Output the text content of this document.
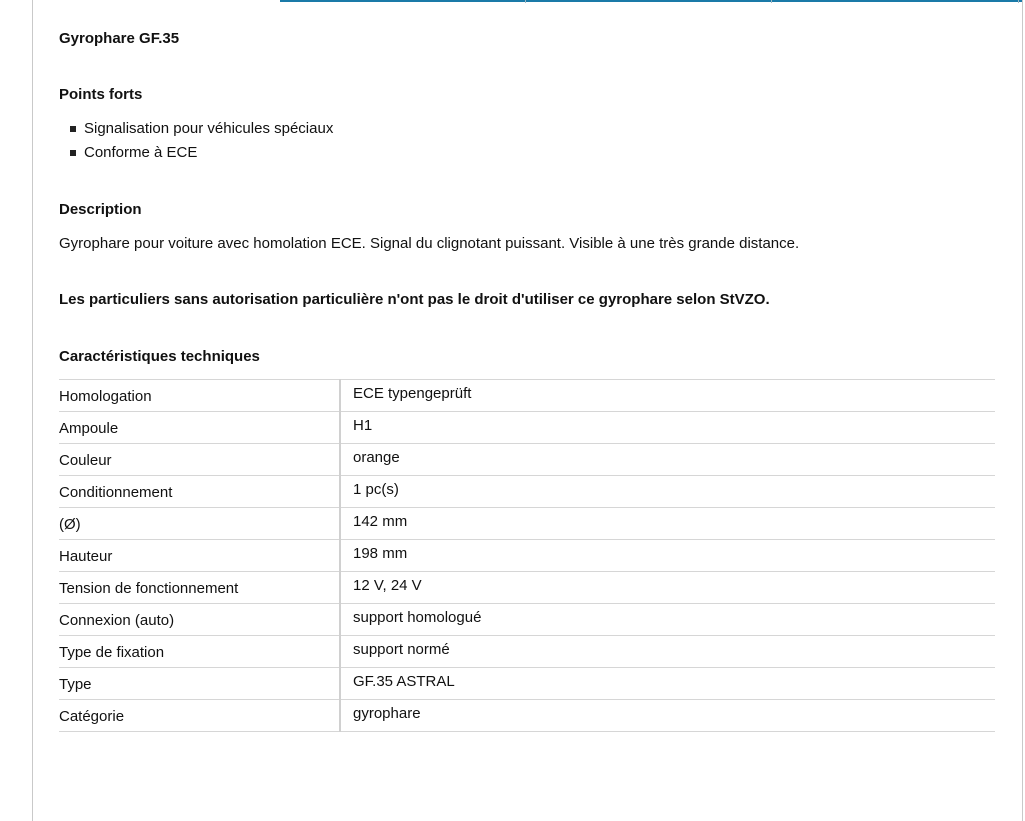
Gyrophare GF.35
Points forts
Signalisation pour véhicules spéciaux
Conforme à ECE
Description
Gyrophare pour voiture avec homolation ECE. Signal du clignotant puissant. Visible à une très grande distance.
Les particuliers sans autorisation particulière n'ont pas le droit d'utiliser ce gyrophare selon StVZO.
Caractéristiques techniques
Homologation	ECE typengeprüft
Ampoule	H1
Couleur	orange
Conditionnement	1 pc(s)
(Ø)	142 mm
Hauteur	198 mm
Tension de fonctionnement	12 V, 24 V
Connexion (auto)	support homologué
Type de fixation	support normé
Type	GF.35 ASTRAL
Catégorie	gyrophare
